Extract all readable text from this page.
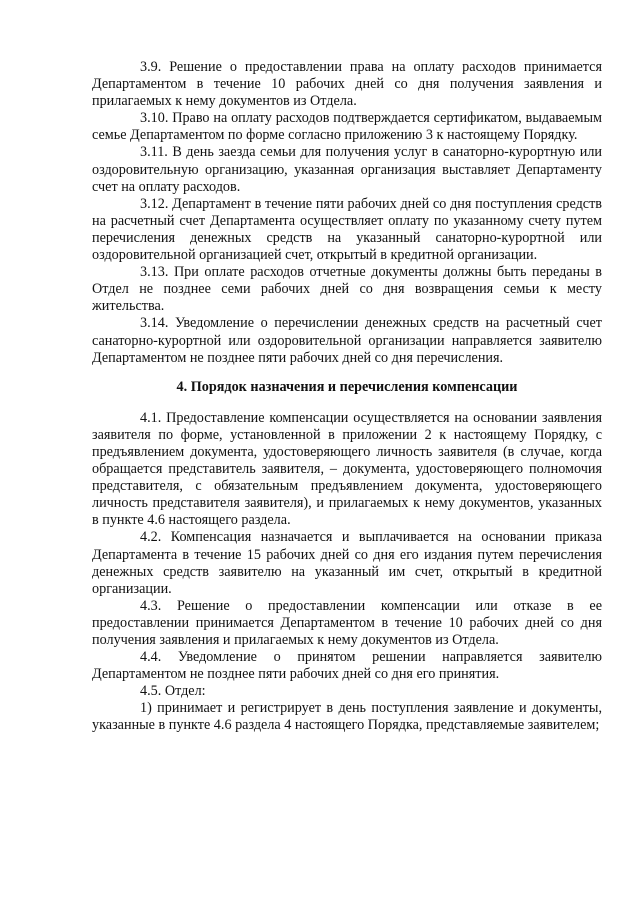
3.9. Решение о предоставлении права на оплату расходов принимается Департаментом в течение 10 рабочих дней со дня получения заявления и прилагаемых к нему документов из Отдела.

3.10. Право на оплату расходов подтверждается сертификатом, выдаваемым семье Департаментом по форме согласно приложению 3 к настоящему Порядку.

3.11. В день заезда семьи для получения услуг в санаторно-курортную или оздоровительную организацию, указанная организация выставляет Департаменту счет на оплату расходов.

3.12. Департамент в течение пяти рабочих дней со дня поступления средств на расчетный счет Департамента осуществляет оплату по указанному счету путем перечисления денежных средств на указанный санаторно-курортной или оздоровительной организацией счет, открытый в кредитной организации.

3.13. При оплате расходов отчетные документы должны быть переданы в Отдел не позднее семи рабочих дней со дня возвращения семьи к месту жительства.

3.14. Уведомление о перечислении денежных средств на расчетный счет санаторно-курортной или оздоровительной организации направляется заявителю Департаментом не позднее пяти рабочих дней со дня перечисления.

4. Порядок назначения и перечисления компенсации

4.1. Предоставление компенсации осуществляется на основании заявления заявителя по форме, установленной в приложении 2 к настоящему Порядку, с предъявлением документа, удостоверяющего личность заявителя (в случае, когда обращается представитель заявителя, – документа, удостоверяющего полномочия представителя, с обязательным предъявлением документа, удостоверяющего личность представителя заявителя), и прилагаемых к нему документов, указанных в пункте 4.6 настоящего раздела.

4.2. Компенсация назначается и выплачивается на основании приказа Департамента в течение 15 рабочих дней со дня его издания путем перечисления денежных средств заявителю на указанный им счет, открытый в кредитной организации.

4.3. Решение о предоставлении компенсации или отказе в ее предоставлении принимается Департаментом в течение 10 рабочих дней со дня получения заявления и прилагаемых к нему документов из Отдела.

4.4. Уведомление о принятом решении направляется заявителю Департаментом не позднее пяти рабочих дней со дня его принятия.

4.5. Отдел:

1) принимает и регистрирует в день поступления заявление и документы, указанные в пункте 4.6 раздела 4 настоящего Порядка, представляемые заявителем;
